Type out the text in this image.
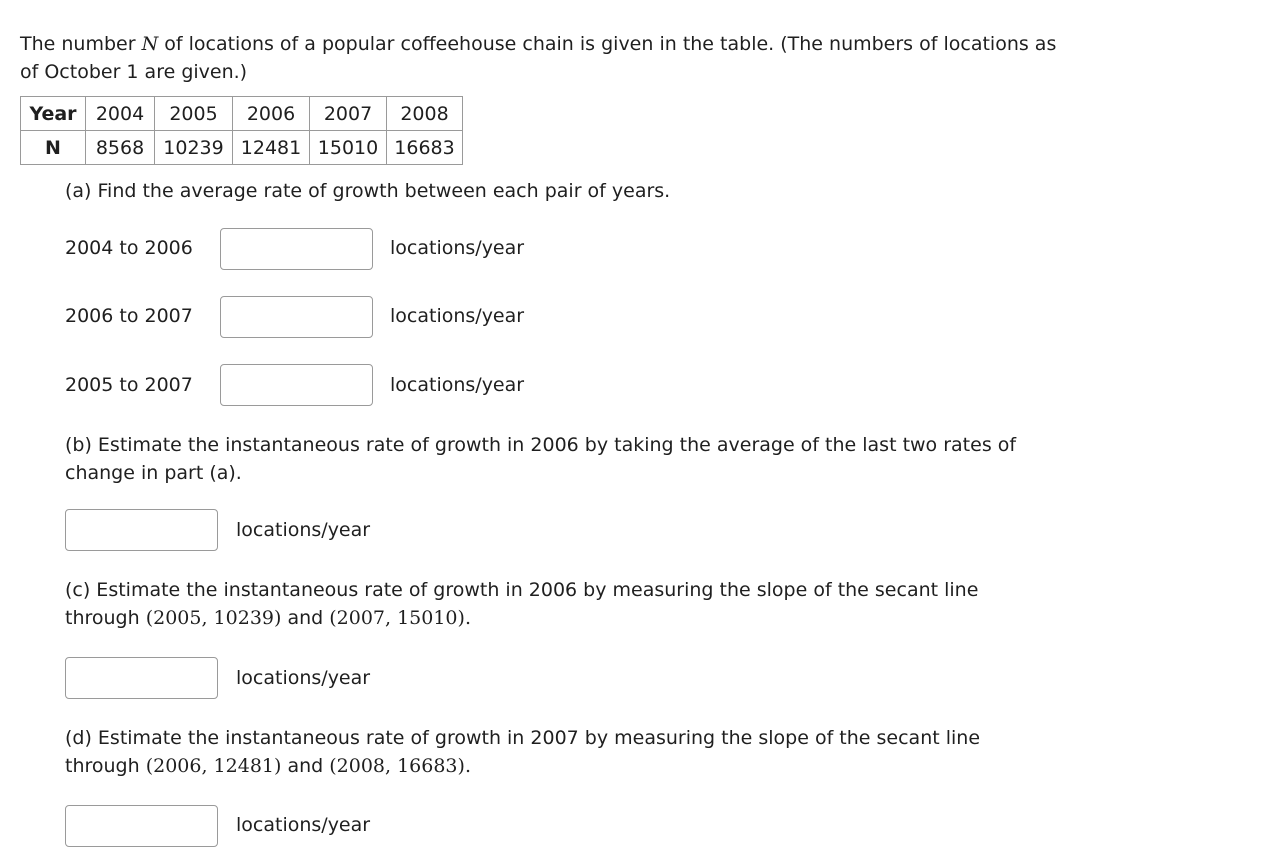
The number N of locations of a popular coffeehouse chain is given in the table. (The numbers of locations as of October 1 are given.)

Year	2004	2005	2006	2007	2008
N	8568	10239	12481	15010	16683

(a) Find the average rate of growth between each pair of years.

2004 to 2006	locations/year
2006 to 2007	locations/year
2005 to 2007	locations/year

(b) Estimate the instantaneous rate of growth in 2006 by taking the average of the last two rates of change in part (a).

locations/year

(c) Estimate the instantaneous rate of growth in 2006 by measuring the slope of the secant line through (2005, 10239) and (2007, 15010).

locations/year

(d) Estimate the instantaneous rate of growth in 2007 by measuring the slope of the secant line through (2006, 12481) and (2008, 16683).

locations/year
